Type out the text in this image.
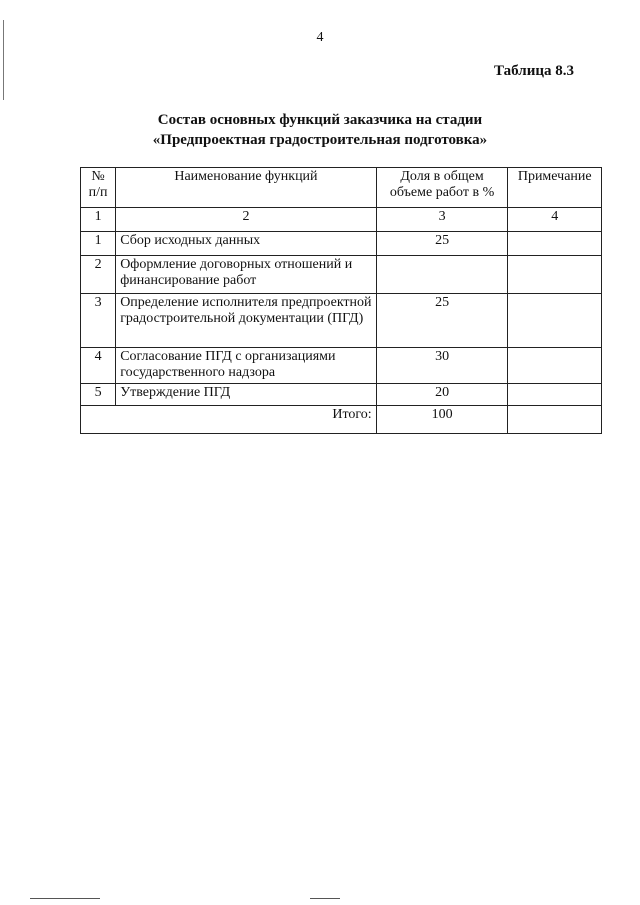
4
Таблица 8.3
Состав основных функций заказчика на стадии
«Предпроектная градостроительная подготовка»
№ п/п	Наименование функций	Доля в общем объеме работ в %	Примечание
1	2	3	4
1	Сбор исходных данных	25	
2	Оформление договорных отношений и финансирование работ		
3	Определение исполнителя предпроектной градостроительной документации (ПГД)	25	
4	Согласование ПГД с организациями государственного надзора	30	
5	Утверждение ПГД	20	
Итого:		100	
